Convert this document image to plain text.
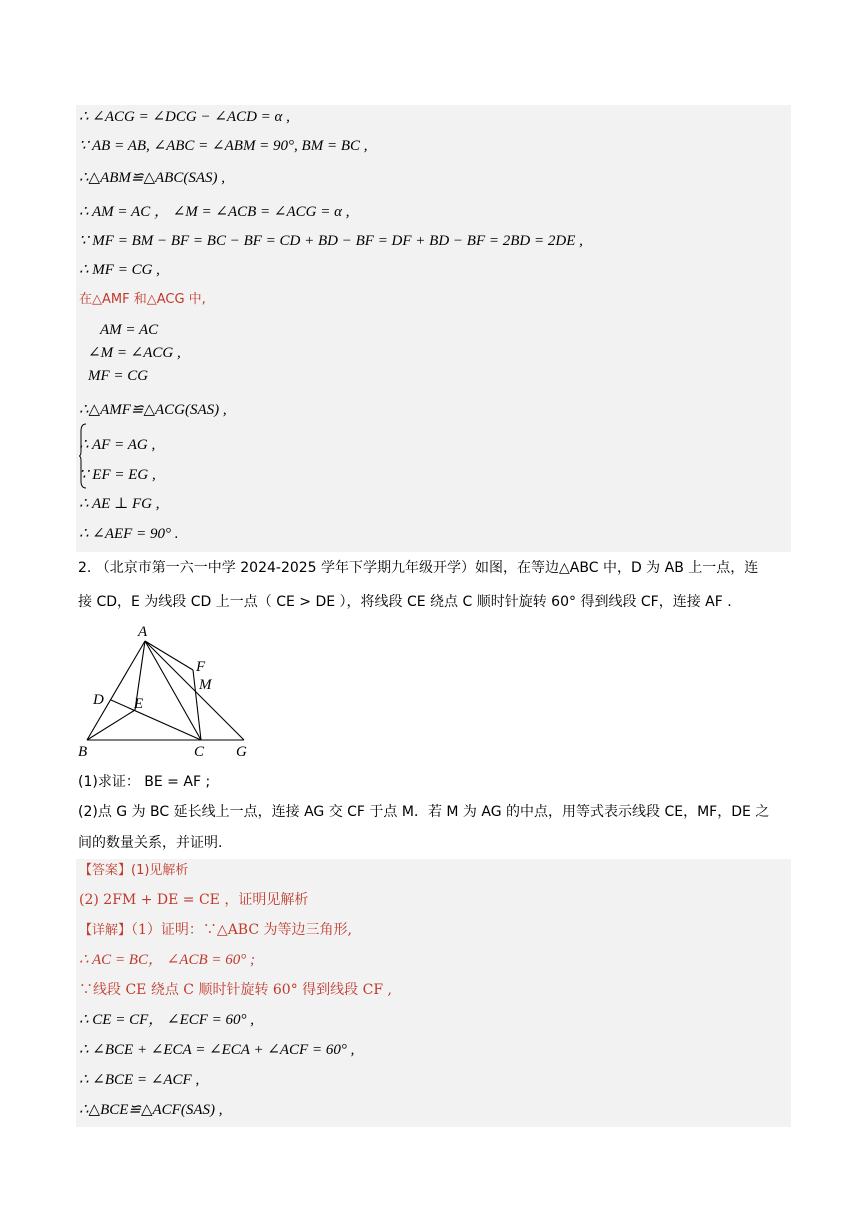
∴ ∠ACG = ∠DCG − ∠ACD = α ,
∵ AB = AB, ∠ABC = ∠ABM = 90°, BM = BC ,
∴△ABM≌△ABC(SAS) ,
∴ AM = AC ， ∠M = ∠ACB = ∠ACG = α ,
∵ MF = BM − BF = BC − BF = CD + BD − BF = DF + BD − BF = 2BD = 2DE ,
∴ MF = CG ,
在△AMF 和△ACG 中,
AM = AC
∠M = ∠ACG ,
MF = CG
∴△AMF≌△ACG(SAS) ,
∴ AF = AG ,
∵ EF = EG ,
∴ AE ⊥ FG ,
∴ ∠AEF = 90° .
2. （北京市第一六一中学 2024-2025 学年下学期九年级开学）如图，在等边△ABC 中，D 为 AB 上一点，连
接 CD，E 为线段 CD 上一点（ CE > DE ），将线段 CE 绕点 C 顺时针旋转 60° 得到线段 CF，连接 AF .
A
B	C
D E
F
G
M
(1)求证： BE = AF ;
(2)点 G 为 BC 延长线上一点，连接 AG 交 CF 于点 M．若 M 为 AG 的中点，用等式表示线段 CE，MF，DE 之
间的数量关系，并证明.
【答案】(1)见解析
(2) 2FM + DE = CE ，证明见解析
【详解】（1）证明：∵△ABC 为等边三角形,
∴ AC = BC， ∠ACB = 60° ;
∵线段 CE 绕点 C 顺时针旋转 60° 得到线段 CF ,
∴ CE = CF， ∠ECF = 60° ,
∴ ∠BCE + ∠ECA = ∠ECA + ∠ACF = 60° ,
∴ ∠BCE = ∠ACF ,
∴△BCE≌△ACF(SAS) ,
